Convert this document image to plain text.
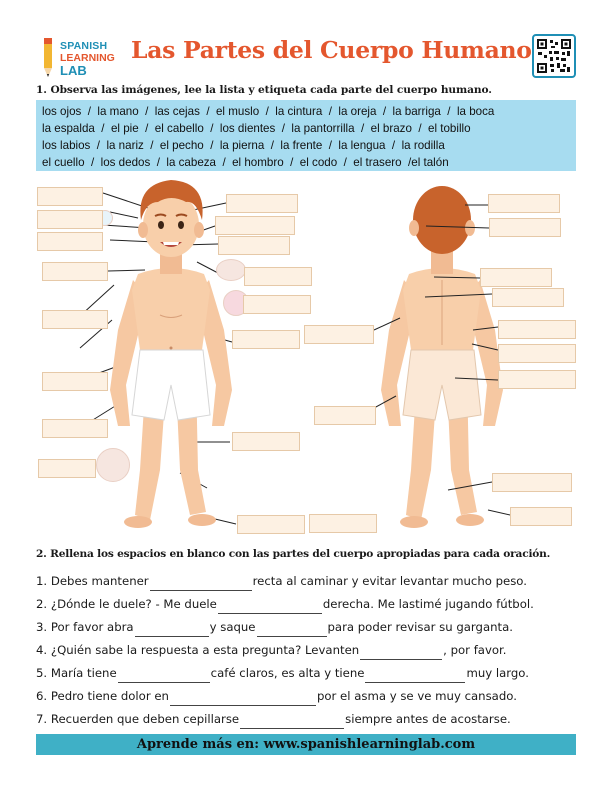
SPANISH
LEARNING
LAB
Las Partes del Cuerpo Humano
1. Observa las imágenes, lee la lista y etiqueta cada parte del cuerpo humano.
los ojos  /  la mano  /  las cejas  /  el muslo  /  la cintura  /  la oreja  /  la barriga  /  la boca
la espalda  /  el pie  /  el cabello  /  los dientes  /  la pantorrilla  /  el brazo  /  el tobillo
los labios  /  la nariz  /  el pecho  /  la pierna  /  la frente  /  la lengua  /  la rodilla
el cuello  /  los dedos  /  la cabeza  /  el hombro  /  el codo  /  el trasero  /el talón
2. Rellena los espacios en blanco con las partes del cuerpo apropiadas para cada oración.
1. Debes mantener	recta al caminar y evitar levantar mucho peso.
2. ¿Dónde le duele? - Me duele	derecha. Me lastimé jugando fútbol.
3. Por favor abra	y saque	para poder revisar su garganta.
4. ¿Quién sabe la respuesta a esta pregunta? Levanten	, por favor.
5. María tiene	café claros, es alta y tiene	muy largo.
6. Pedro tiene dolor en	por el asma y se ve muy cansado.
7. Recuerden que deben cepillarse	siempre antes de acostarse.
Aprende más en: www.spanishlearninglab.com
